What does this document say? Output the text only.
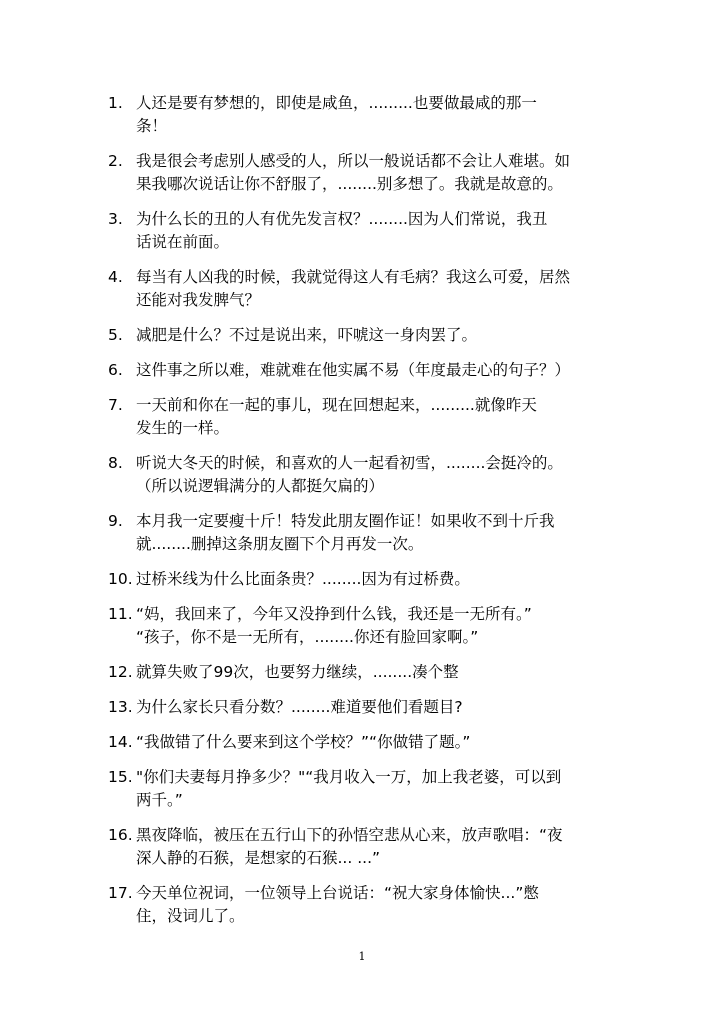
1. 人还是要有梦想的，即使是咸鱼，.........也要做最咸的那一
条！
2. 我是很会考虑别人感受的人，所以一般说话都不会让人难堪。如
果我哪次说话让你不舒服了，........别多想了。我就是故意的。
3. 为什么长的丑的人有优先发言权？........因为人们常说，我丑
话说在前面。
4. 每当有人凶我的时候，我就觉得这人有毛病？我这么可爱，居然
还能对我发脾气？
5. 减肥是什么？不过是说出来，吓唬这一身肉罢了。
6. 这件事之所以难，难就难在他实属不易（年度最走心的句子？）
7. 一天前和你在一起的事儿，现在回想起来，.........就像昨天
发生的一样。
8. 听说大冬天的时候，和喜欢的人一起看初雪，........会挺冷的。
（所以说逻辑满分的人都挺欠扁的）
9. 本月我一定要瘦十斤！特发此朋友圈作证！如果收不到十斤我
就........删掉这条朋友圈下个月再发一次。
10. 过桥米线为什么比面条贵？........因为有过桥费。
11. “妈，我回来了，今年又没挣到什么钱，我还是一无所有。”
“孩子，你不是一无所有，........你还有脸回家啊。”
12. 就算失败了99次，也要努力继续，........凑个整
13. 为什么家长只看分数？........难道要他们看题目?
14. “我做错了什么要来到这个学校？”“你做错了题。”
15. "你们夫妻每月挣多少？"“我月收入一万，加上我老婆，可以到
两千。”
16. 黑夜降临，被压在五行山下的孙悟空悲从心来，放声歌唱：“夜
深人静的石猴，是想家的石猴... ...”
17. 今天单位祝词，一位领导上台说话：“祝大家身体愉快...”憋
住，没词儿了。
1
